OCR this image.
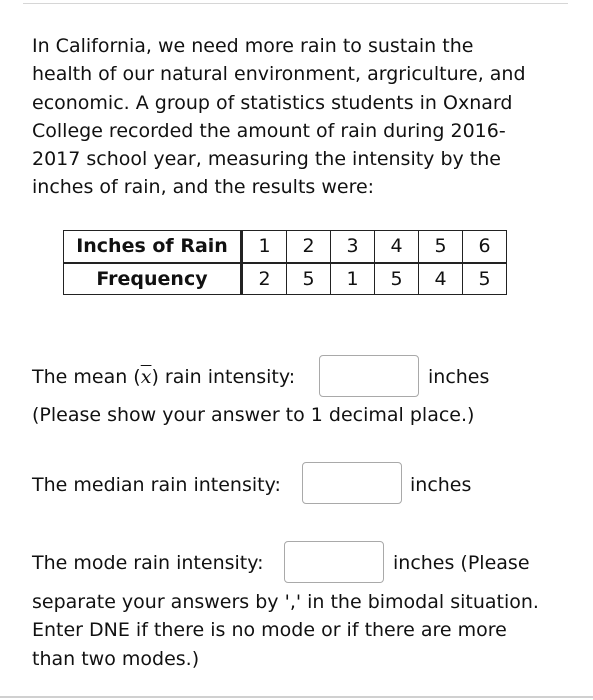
In California, we need more rain to sustain the
health of our natural environment, argriculture, and
economic. A group of statistics students in Oxnard
College recorded the amount of rain during 2016-
2017 school year, measuring the intensity by the
inches of rain, and the results were:
Inches of Rain	1	2	3	4	5	6
Frequency	2	5	1	5	4	5
The mean $(\overline{x})$ rain intensity:	inches
(Please show your answer to 1 decimal place.)
The median rain intensity:	inches
The mode rain intensity:	inches (Please
separate your answers by ',' in the bimodal situation.
Enter DNE if there is no mode or if there are more
than two modes.)
